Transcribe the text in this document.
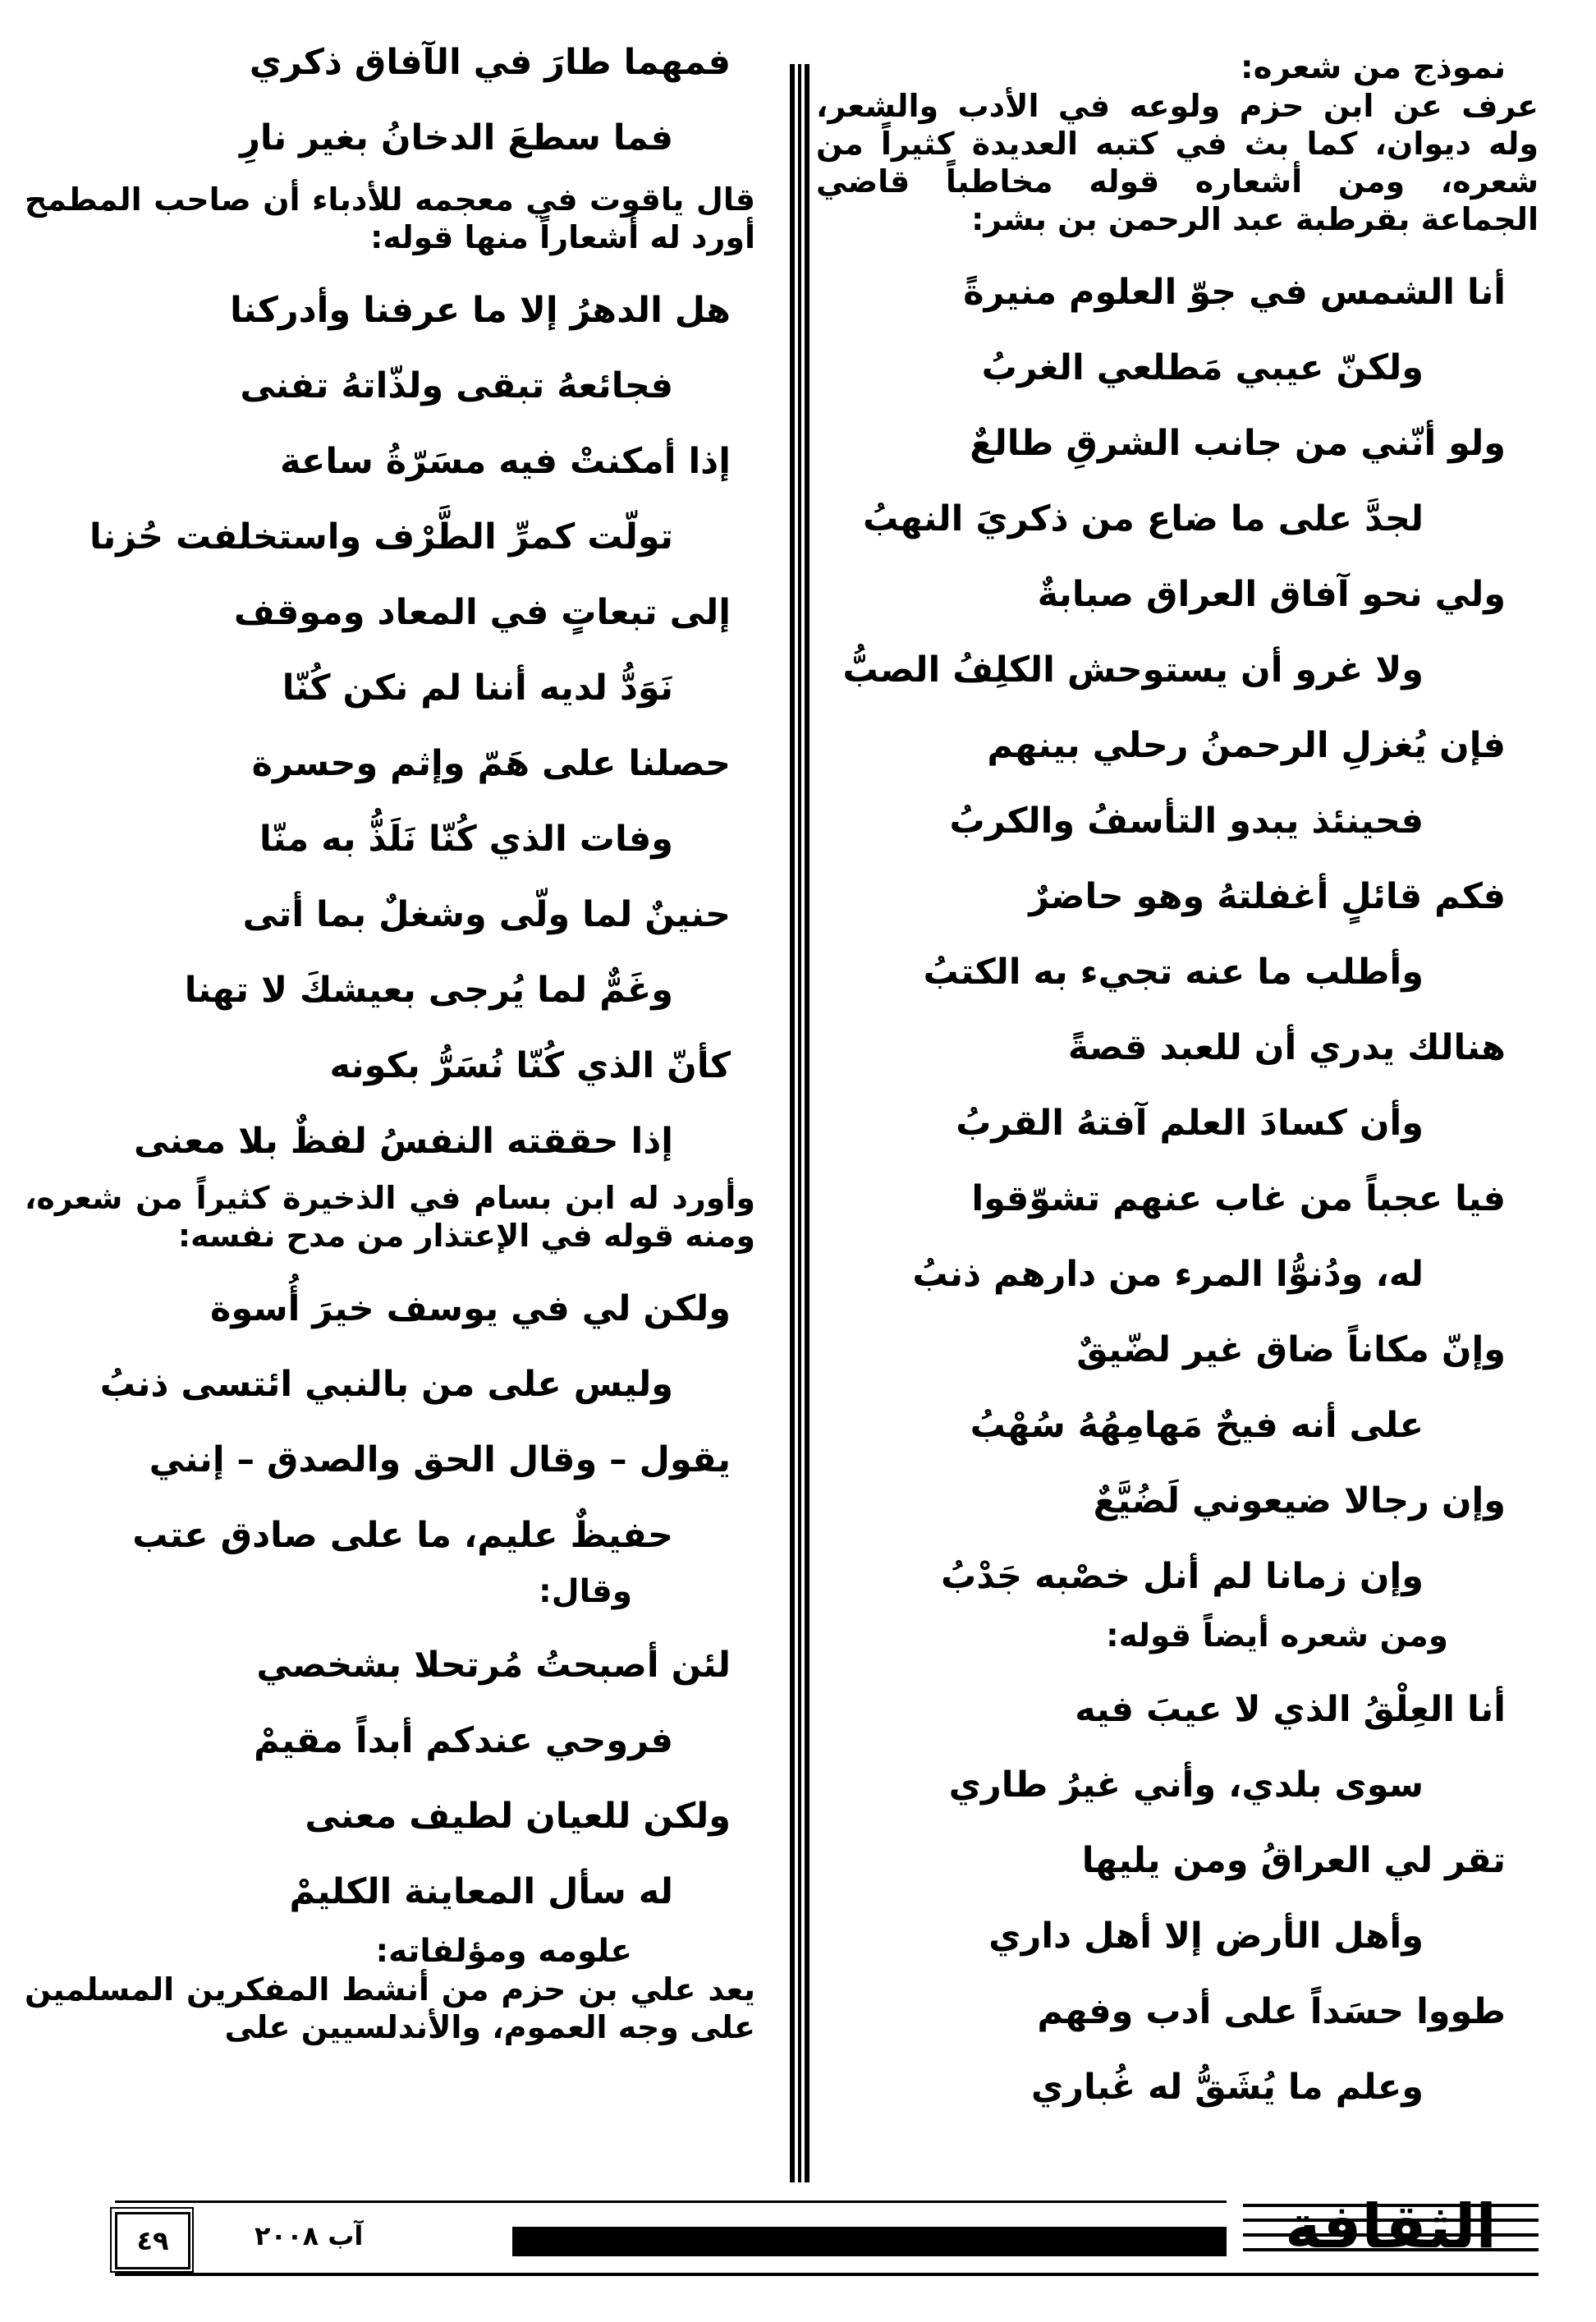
نموذج من شعره:

عرف عن ابن حزم ولوعه في الأدب والشعر، وله ديوان، كما بث في كتبه العديدة كثيراً من شعره، ومن أشعاره قوله مخاطباً قاضي الجماعة بقرطبة عبد الرحمن بن بشر:

أنا الشمس في جوّ العلوم منيرةً

ولكنّ عيبي مَطلعي الغربُ

ولو أنّني من جانب الشرقِ طالعٌ

لجدَّ على ما ضاع من ذكريَ النهبُ

ولي نحو آفاق العراق صبابةٌ

ولا غرو أن يستوحش الكلِفُ الصبُّ

فإن يُغزلِ الرحمنُ رحلي بينهم

فحينئذ يبدو التأسفُ والكربُ

فكم قائلٍ أغفلتهُ وهو حاضرٌ

وأطلب ما عنه تجيء به الكتبُ

هنالك يدري أن للعبد قصةً

وأن كسادَ العلم آفتهُ القربُ

فيا عجباً من غاب عنهم تشوّقوا

له، ودُنوُّا المرء من دارهم ذنبُ

وإنّ مكاناً ضاق غير لضّيقٌ

على أنه فيحٌ مَهامِهُهُ سُهْبُ

وإن رجالا ضيعوني لَضُيَّعٌ

وإن زمانا لم أنل خصْبه جَدْبُ

ومن شعره أيضاً قوله:

أنا العِلْقُ الذي لا عيبَ فيه

سوى بلدي، وأني غيرُ طاري

تقر لي العراقُ ومن يليها

وأهل الأرض إلا أهل داري

طووا حسَداً على أدب وفهم

وعلم ما يُشَقُّ له غُباري

فمهما طارَ في الآفاق ذكري

فما سطعَ الدخانُ بغير نارِ

قال ياقوت في معجمه للأدباء أن صاحب المطمح أورد له أشعاراً منها قوله:

هل الدهرُ إلا ما عرفنا وأدركنا

فجائعهُ تبقى ولذّاتهُ تفنى

إذا أمكنتْ فيه مسَرّةُ ساعة

تولّت كمرِّ الطَّرْف واستخلفت حُزنا

إلى تبعاتٍ في المعاد وموقف

نَوَدُّ لديه أننا لم نكن كُنّا

حصلنا على هَمّ وإثم وحسرة

وفات الذي كُنّا نَلَذُّ به منّا

حنينٌ لما ولّى وشغلٌ بما أتى

وغَمٌّ لما يُرجى بعيشكَ لا تهنا

كأنّ الذي كُنّا نُسَرُّ بكونه

إذا حققته النفسُ لفظٌ بلا معنى

وأورد له ابن بسام في الذخيرة كثيراً من شعره، ومنه قوله في الإعتذار من مدح نفسه:

ولكن لي في يوسف خيرَ أُسوة

وليس على من بالنبي ائتسى ذنبُ

يقول – وقال الحق والصدق – إنني

حفيظٌ عليم، ما على صادق عتب

وقال:

لئن أصبحتُ مُرتحلا بشخصي

فروحي عندكم أبداً مقيمْ

ولكن للعيان لطيف معنى

له سأل المعاينة الكليمْ

علومه ومؤلفاته:

يعد علي بن حزم من أنشط المفكرين المسلمين على وجه العموم، والأندلسيين على

الثقافة
آب ٢٠٠٨
٤٩
